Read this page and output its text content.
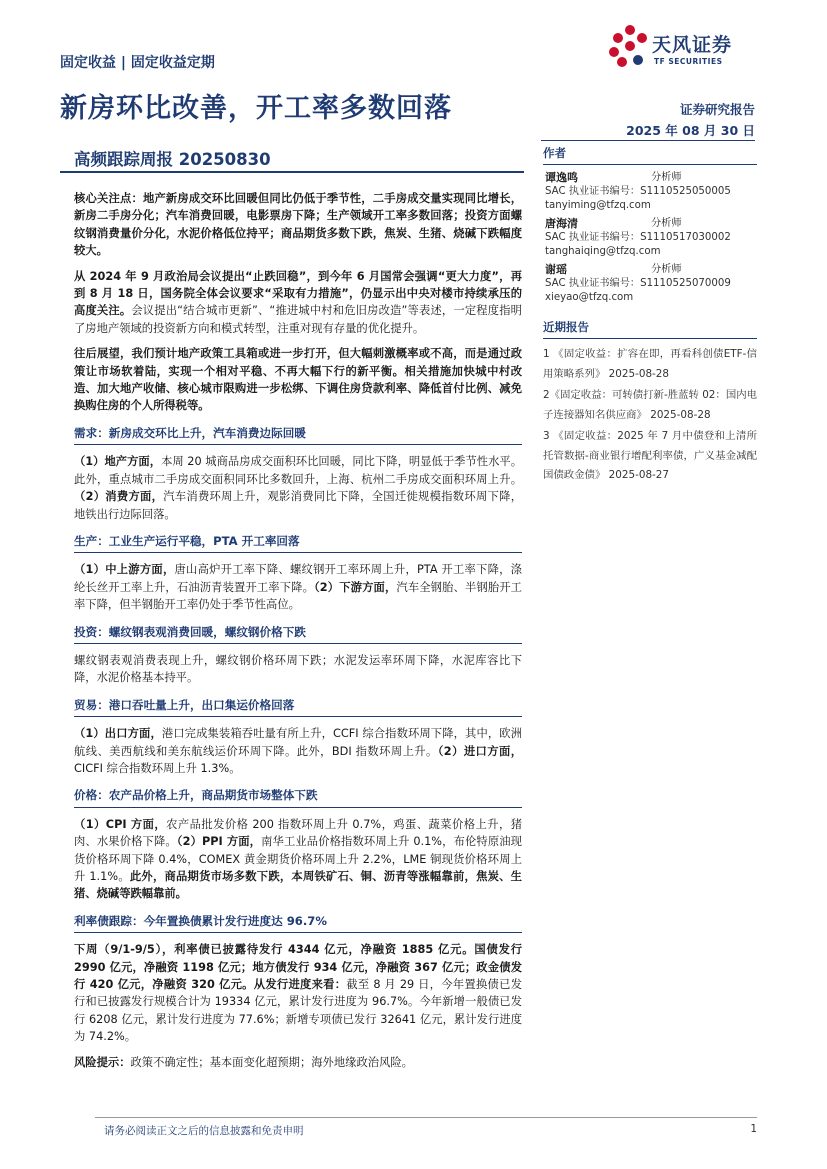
固定收益 | 固定收益定期
天风证券
TF SECURITIES
新房环比改善，开工率多数回落	证券研究报告
2025 年 08 月 30 日
高频跟踪周报 20250830

核心关注点：地产新房成交环比回暖但同比仍低于季节性，二手房成交量实现同比增长，新房二手房分化；汽车消费回暖，电影票房下降；生产领域开工率多数回落；投资方面螺纹钢消费量价分化，水泥价格低位持平；商品期货多数下跌，焦炭、生猪、烧碱下跌幅度较大。

从 2024 年 9 月政治局会议提出“止跌回稳”，到今年 6 月国常会强调“更大力度”，再到 8 月 18 日，国务院全体会议要求“采取有力措施”，仍显示出中央对楼市持续承压的高度关注。会议提出“结合城市更新”、“推进城中村和危旧房改造”等表述，一定程度指明了房地产领域的投资新方向和模式转型，注重对现有存量的优化提升。

往后展望，我们预计地产政策工具箱或进一步打开，但大幅刺激概率或不高，而是通过政策让市场软着陆，实现一个相对平稳、不再大幅下行的新平衡。相关措施加快城中村改造、加大地产收储、核心城市限购进一步松绑、下调住房贷款利率、降低首付比例、减免换购住房的个人所得税等。

需求：新房成交环比上升，汽车消费边际回暖

（1）地产方面，本周 20 城商品房成交面积环比回暖，同比下降，明显低于季节性水平。此外，重点城市二手房成交面积同环比多数回升，上海、杭州二手房成交面积环周上升。（2）消费方面，汽车消费环周上升，观影消费同比下降，全国迁徙规模指数环周下降，地铁出行边际回落。

生产：工业生产运行平稳，PTA 开工率回落

（1）中上游方面，唐山高炉开工率下降、螺纹钢开工率环周上升，PTA 开工率下降，涤纶长丝开工率上升，石油沥青装置开工率下降。（2）下游方面，汽车全钢胎、半钢胎开工率下降，但半钢胎开工率仍处于季节性高位。

投资：螺纹钢表观消费回暖，螺纹钢价格下跌

螺纹钢表观消费表现上升，螺纹钢价格环周下跌；水泥发运率环周下降，水泥库容比下降，水泥价格基本持平。

贸易：港口吞吐量上升，出口集运价格回落

（1）出口方面，港口完成集装箱吞吐量有所上升，CCFI 综合指数环周下降，其中，欧洲航线、美西航线和美东航线运价环周下降。此外，BDI 指数环周上升。（2）进口方面，CICFI 综合指数环周上升 1.3%。

价格：农产品价格上升，商品期货市场整体下跌

（1）CPI 方面，农产品批发价格 200 指数环周上升 0.7%，鸡蛋、蔬菜价格上升，猪肉、水果价格下降。（2）PPI 方面，南华工业品价格指数环周上升 0.1%，布伦特原油现货价格环周下降 0.4%，COMEX 黄金期货价格环周上升 2.2%，LME 铜现货价格环周上升 1.1%。此外，商品期货市场多数下跌，本周铁矿石、铜、沥青等涨幅靠前，焦炭、生猪、烧碱等跌幅靠前。

利率债跟踪：今年置换债累计发行进度达 96.7%

下周（9/1-9/5），利率债已披露待发行 4344 亿元，净融资 1885 亿元。国债发行 2990 亿元，净融资 1198 亿元；地方债发行 934 亿元，净融资 367 亿元；政金债发行 420 亿元，净融资 320 亿元。从发行进度来看：截至 8 月 29 日，今年置换债已发行和已披露发行规模合计为 19334 亿元，累计发行进度为 96.7%。今年新增一般债已发行 6208 亿元，累计发行进度为 77.6%；新增专项债已发行 32641 亿元，累计发行进度为 74.2%。

风险提示：政策不确定性；基本面变化超预期；海外地缘政治风险。

作者
谭逸鸣	分析师
SAC 执业证书编号：S1110525050005
tanyiming@tfzq.com
唐海清	分析师
SAC 执业证书编号：S1110517030002
tanghaiqing@tfzq.com
谢瑶	分析师
SAC 执业证书编号：S1110525070009
xieyao@tfzq.com
近期报告
1 《固定收益：扩容在即，再看科创债ETF-信用策略系列》 2025-08-28
2《固定收益：可转债打新-胜蓝转 02：国内电子连接器知名供应商》 2025-08-28
3 《固定收益：2025 年 7 月中债登和上清所托管数据-商业银行增配利率债，广义基金减配国债政金债》 2025-08-27
请务必阅读正文之后的信息披露和免责申明	1
